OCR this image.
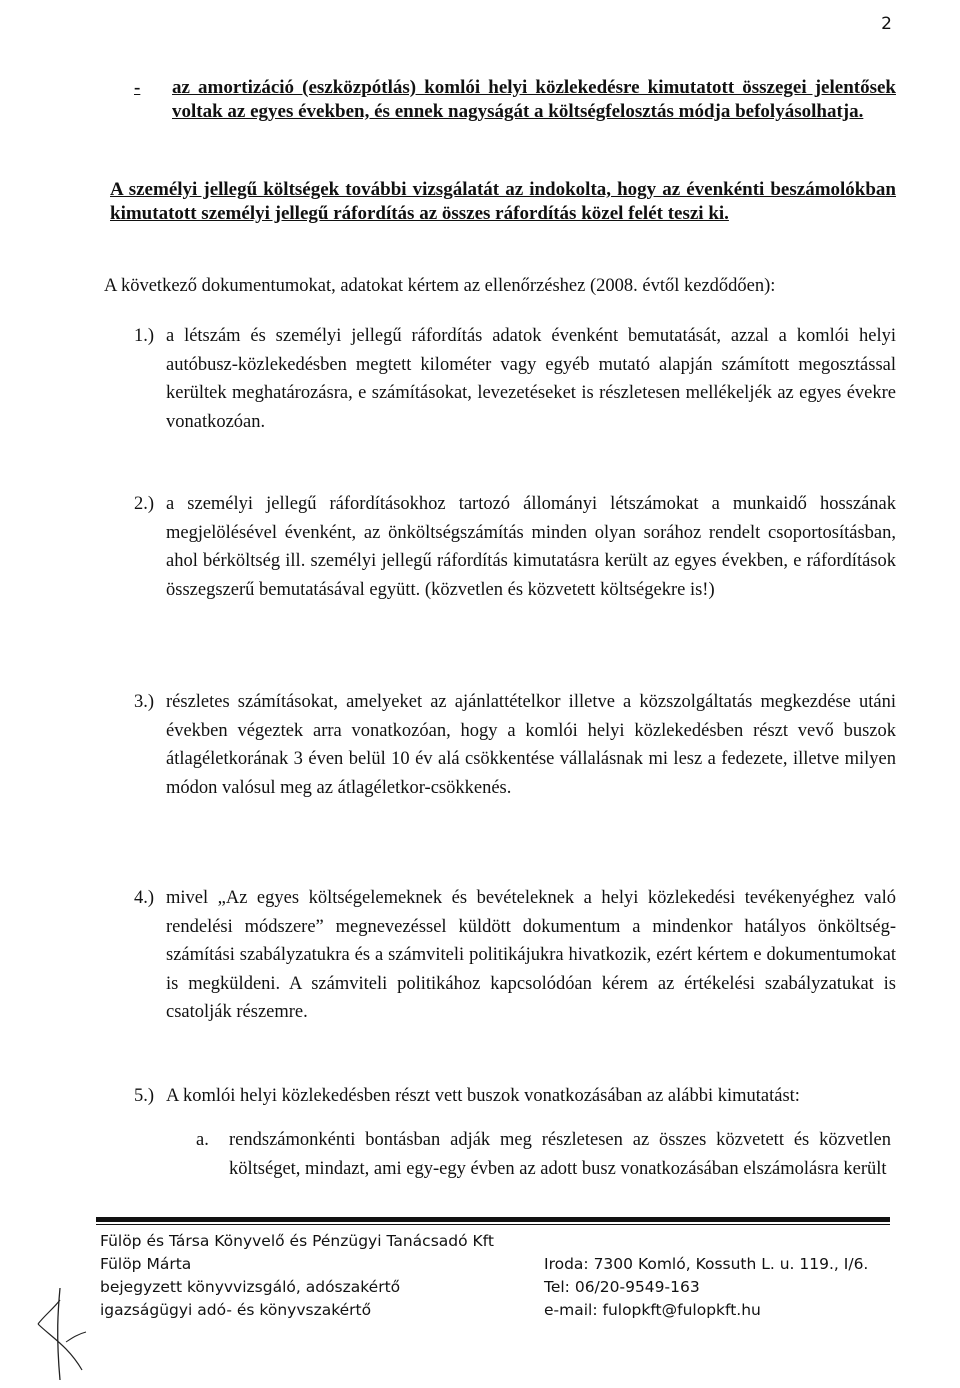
2
- az amortizáció (eszközpótlás) komlói helyi közlekedésre kimutatott összegei jelentősek voltak az egyes években, és ennek nagyságát a költségfelosztás módja befolyásolhatja.
A személyi jellegű költségek további vizsgálatát az indokolta, hogy az évenkénti beszámolókban kimutatott személyi jellegű ráfordítás az összes ráfordítás közel felét teszi ki.
A következő dokumentumokat, adatokat kértem az ellenőrzéshez (2008. évtől kezdődően):
1.) a létszám és személyi jellegű ráfordítás adatok évenként bemutatását, azzal a komlói helyi autóbusz-közlekedésben megtett kilométer vagy egyéb mutató alapján számított megosztással kerültek meghatározásra, e számításokat, levezetéseket is részletesen mellékeljék az egyes évekre vonatkozóan.
2.) a személyi jellegű ráfordításokhoz tartozó állományi létszámokat a munkaidő hosszának megjelölésével évenként, az önköltségszámítás minden olyan sorához rendelt csoportosításban, ahol bérköltség ill. személyi jellegű ráfordítás kimutatásra került az egyes években, e ráfordítások összegszerű bemutatásával együtt. (közvetlen és közvetett költségekre is!)
3.) részletes számításokat, amelyeket az ajánlattételkor illetve a közszolgáltatás megkezdése utáni években végeztek arra vonatkozóan, hogy a komlói helyi közlekedésben részt vevő buszok átlagéletkorának 3 éven belül 10 év alá csökkentése vállalásnak mi lesz a fedezete, illetve milyen módon valósul meg az átlagéletkor-csökkenés.
4.) mivel „Az egyes költségelemeknek és bevételeknek a helyi közlekedési tevékenyéghez való rendelési módszere” megnevezéssel küldött dokumentum a mindenkor hatályos önköltség-számítási szabályzatukra és a számviteli politikájukra hivatkozik, ezért kértem e dokumentumokat is megküldeni. A számviteli politikához kapcsolódóan kérem az értékelési szabályzatukat is csatolják részemre.
5.) A komlói helyi közlekedésben részt vett buszok vonatkozásában az alábbi kimutatást:
a. rendszámonkénti bontásban adják meg részletesen az összes közvetett és közvetlen költséget, mindazt, ami egy-egy évben az adott busz vonatkozásában elszámolásra került
Fülöp és Társa Könyvelő és Pénzügyi Tanácsadó Kft
Fülöp Márta
bejegyzett könyvvizsgáló, adószakértő
igazságügyi adó- és könyvszakértő
Iroda: 7300 Komló, Kossuth L. u. 119., I/6.
Tel: 06/20-9549-163
e-mail: fulopkft@fulopkft.hu
